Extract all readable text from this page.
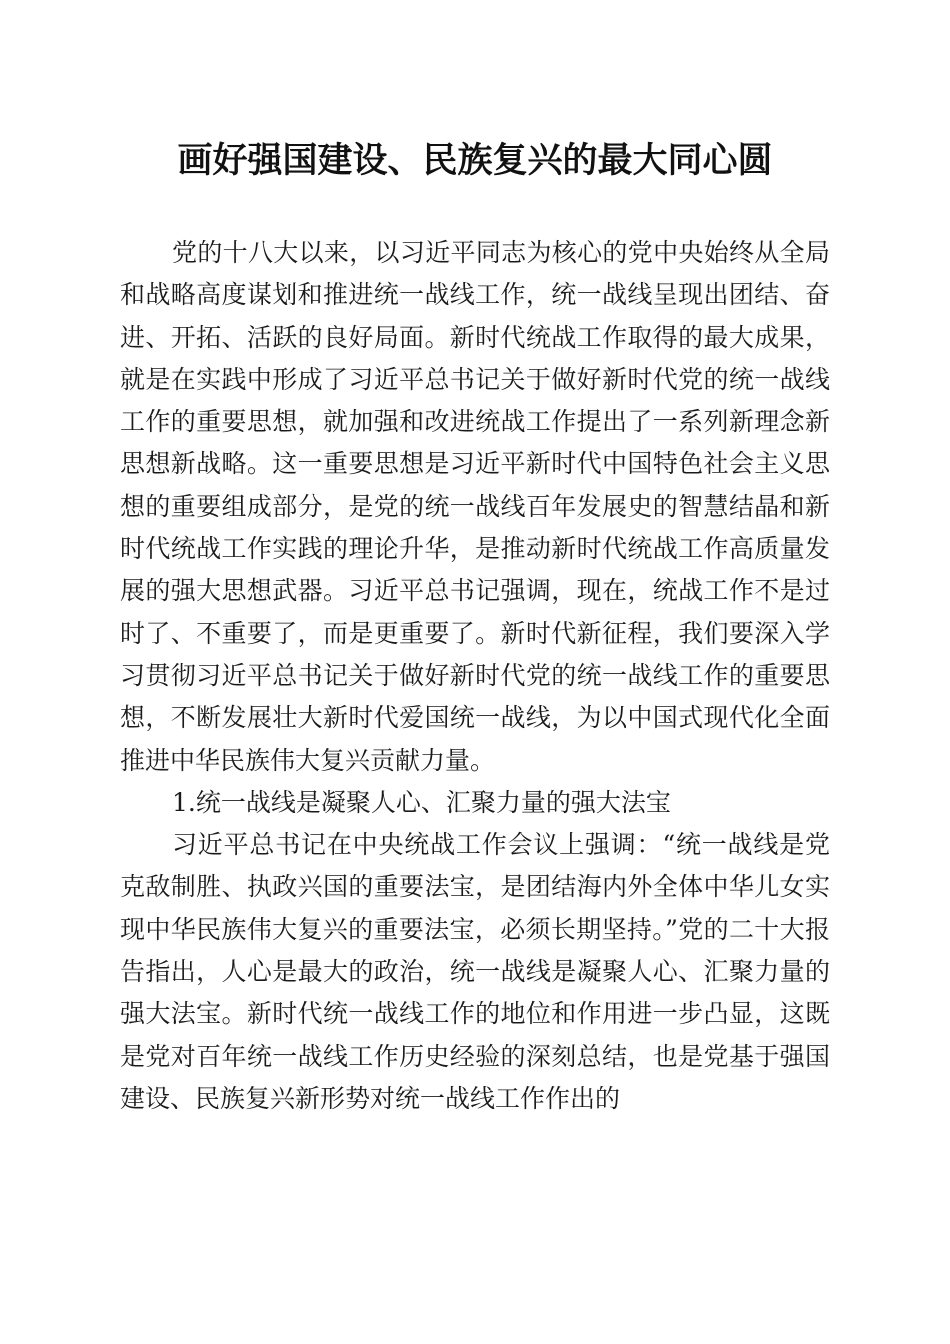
画好强国建设、民族复兴的最大同心圆

党的十八大以来，以习近平同志为核心的党中央始终从全局和战略高度谋划和推进统一战线工作，统一战线呈现出团结、奋进、开拓、活跃的良好局面。新时代统战工作取得的最大成果，就是在实践中形成了习近平总书记关于做好新时代党的统一战线工作的重要思想，就加强和改进统战工作提出了一系列新理念新思想新战略。这一重要思想是习近平新时代中国特色社会主义思想的重要组成部分，是党的统一战线百年发展史的智慧结晶和新时代统战工作实践的理论升华，是推动新时代统战工作高质量发展的强大思想武器。习近平总书记强调，现在，统战工作不是过时了、不重要了，而是更重要了。新时代新征程，我们要深入学习贯彻习近平总书记关于做好新时代党的统一战线工作的重要思想，不断发展壮大新时代爱国统一战线，为以中国式现代化全面推进中华民族伟大复兴贡献力量。

1.统一战线是凝聚人心、汇聚力量的强大法宝

习近平总书记在中央统战工作会议上强调：“统一战线是党克敌制胜、执政兴国的重要法宝，是团结海内外全体中华儿女实现中华民族伟大复兴的重要法宝，必须长期坚持。”党的二十大报告指出，人心是最大的政治，统一战线是凝聚人心、汇聚力量的强大法宝。新时代统一战线工作的地位和作用进一步凸显，这既是党对百年统一战线工作历史经验的深刻总结，也是党基于强国建设、民族复兴新形势对统一战线工作作出的
